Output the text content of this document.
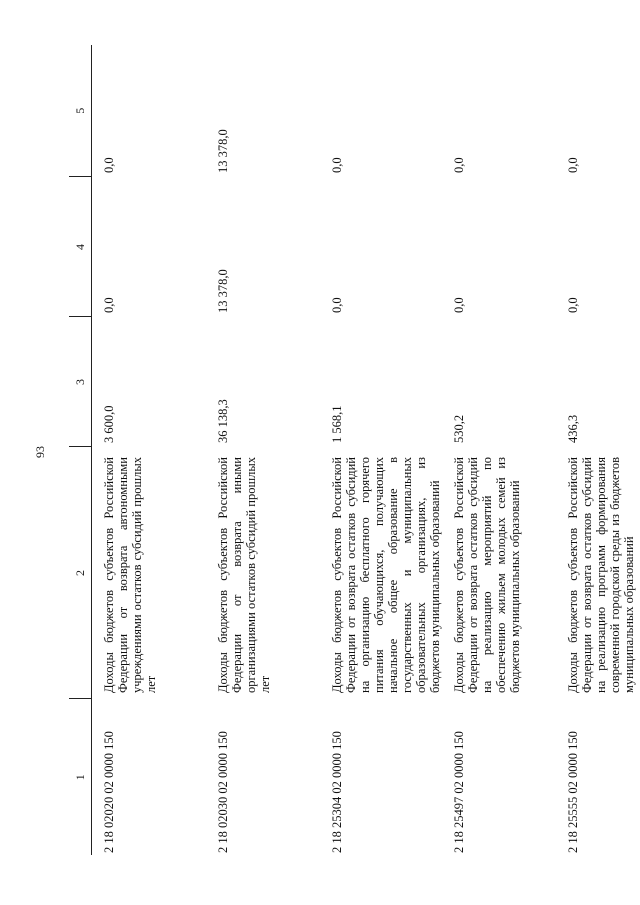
93
1	2	3	4	5
2 18 02020 02 0000 150	Доходы бюджетов субъектов Российской Федерации от возврата автономными учреждениями остатков субсидий прошлых лет	3 600,0	0,0	0,0
2 18 02030 02 0000 150	Доходы бюджетов субъектов Российской Федерации от возврата иными организациями остатков субсидий прошлых лет	36 138,3	13 378,0	13 378,0
2 18 25304 02 0000 150	Доходы бюджетов субъектов Российской Федерации от возврата остатков субсидий на организацию бесплатного горячего питания обучающихся, получающих начальное общее образование в государственных и муниципальных образовательных организациях, из бюджетов муниципальных образований	1 568,1	0,0	0,0
2 18 25497 02 0000 150	Доходы бюджетов субъектов Российской Федерации от возврата остатков субсидий на реализацию мероприятий по обеспечению жильем молодых семей из бюджетов муниципальных образований	530,2	0,0	0,0
2 18 25555 02 0000 150	Доходы бюджетов субъектов Российской Федерации от возврата остатков субсидий на реализацию программ формирования современной городской среды из бюджетов муниципальных образований	436,3	0,0	0,0
